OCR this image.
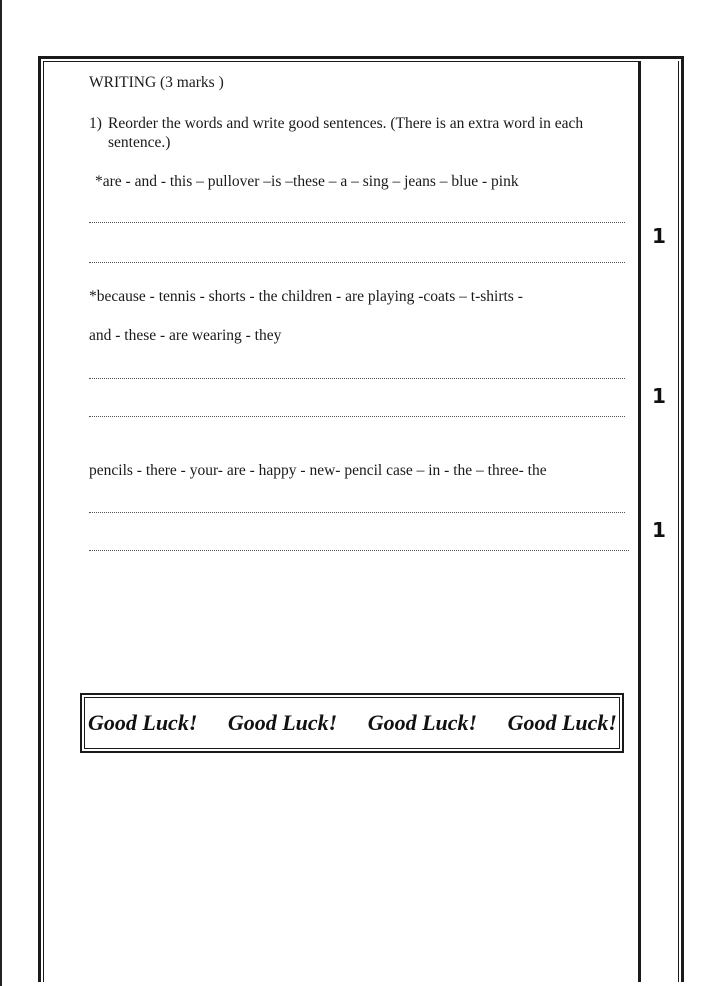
WRITING (3 marks )
1) Reorder the words and write good sentences. (There is an extra word in each sentence.)
*are - and - this – pullover –is –these – a – sing – jeans – blue - pink
1
*because - tennis - shorts - the children - are playing -coats – t-shirts -
and - these - are wearing - they
1
pencils - there - your- are - happy - new- pencil case – in - the – three- the
1
Good Luck! Good Luck! Good Luck! Good Luck!
